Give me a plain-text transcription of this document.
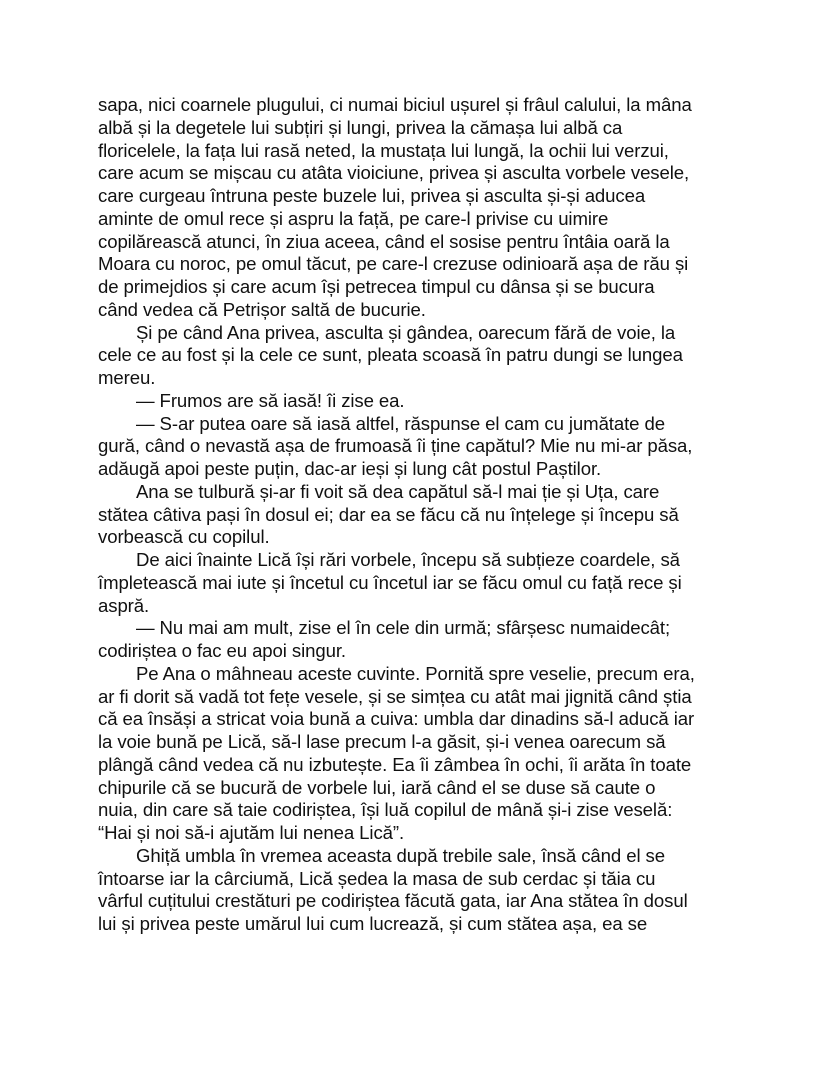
sapa, nici coarnele plugului, ci numai biciul ușurel și frâul calului, la mâna
albă și la degetele lui subțiri și lungi, privea la cămașa lui albă ca
floricelele, la fața lui rasă neted, la mustața lui lungă, la ochii lui verzui,
care acum se mișcau cu atâta vioiciune, privea și asculta vorbele vesele,
care curgeau întruna peste buzele lui, privea și asculta și-și aducea
aminte de omul rece și aspru la față, pe care-l privise cu uimire
copilărească atunci, în ziua aceea, când el sosise pentru întâia oară la
Moara cu noroc, pe omul tăcut, pe care-l crezuse odinioară așa de rău și
de primejdios și care acum își petrecea timpul cu dânsa și se bucura
când vedea că Petrișor saltă de bucurie.
Și pe când Ana privea, asculta și gândea, oarecum fără de voie, la
cele ce au fost și la cele ce sunt, pleata scoasă în patru dungi se lungea
mereu.
— Frumos are să iasă! îi zise ea.
— S-ar putea oare să iasă altfel, răspunse el cam cu jumătate de
gură, când o nevastă așa de frumoasă îi ține capătul? Mie nu mi-ar păsa,
adăugă apoi peste puțin, dac-ar ieși și lung cât postul Paștilor.
Ana se tulbură și-ar fi voit să dea capătul să-l mai ție și Uța, care
stătea câtiva pași în dosul ei; dar ea se făcu că nu înțelege și începu să
vorbească cu copilul.
De aici înainte Lică își rări vorbele, începu să subțieze coardele, să
împletească mai iute și încetul cu încetul iar se făcu omul cu față rece și
aspră.
— Nu mai am mult, zise el în cele din urmă; sfârșesc numaidecât;
codiriștea o fac eu apoi singur.
Pe Ana o mâhneau aceste cuvinte. Pornită spre veselie, precum era,
ar fi dorit să vadă tot fețe vesele, și se simțea cu atât mai jignită când știa
că ea însăși a stricat voia bună a cuiva: umbla dar dinadins să-l aducă iar
la voie bună pe Lică, să-l lase precum l-a găsit, și-i venea oarecum să
plângă când vedea că nu izbutește. Ea îi zâmbea în ochi, îi arăta în toate
chipurile că se bucură de vorbele lui, iară când el se duse să caute o
nuia, din care să taie codiriștea, își luă copilul de mână și-i zise veselă:
“Hai și noi să-i ajutăm lui nenea Lică”.
Ghiță umbla în vremea aceasta după trebile sale, însă când el se
întoarse iar la cârciumă, Lică ședea la masa de sub cerdac și tăia cu
vârful cuțitului crestături pe codiriștea făcută gata, iar Ana stătea în dosul
lui și privea peste umărul lui cum lucrează, și cum stătea așa, ea se
